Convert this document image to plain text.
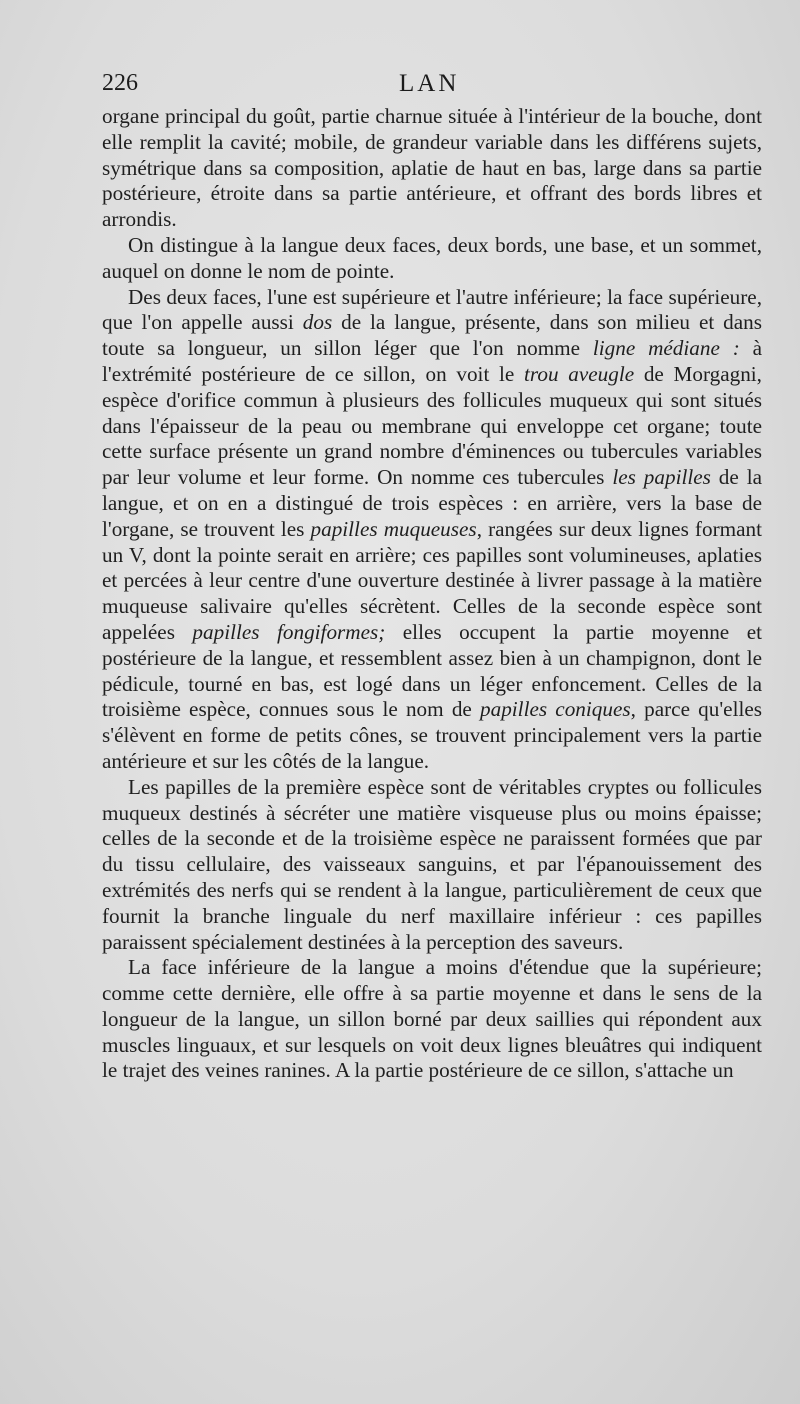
226	LAN

organe principal du goût, partie charnue située à l'intérieur de la bouche, dont elle remplit la cavité; mobile, de grandeur variable dans les différens sujets, symétrique dans sa composition, aplatie de haut en bas, large dans sa partie postérieure, étroite dans sa partie antérieure, et offrant des bords libres et arrondis.

On distingue à la langue deux faces, deux bords, une base, et un sommet, auquel on donne le nom de pointe.

Des deux faces, l'une est supérieure et l'autre inférieure; la face supérieure, que l'on appelle aussi dos de la langue, présente, dans son milieu et dans toute sa longueur, un sillon léger que l'on nomme ligne médiane : à l'extrémité postérieure de ce sillon, on voit le trou aveugle de Morgagni, espèce d'orifice commun à plusieurs des follicules muqueux qui sont situés dans l'épaisseur de la peau ou membrane qui enveloppe cet organe; toute cette surface présente un grand nombre d'éminences ou tubercules variables par leur volume et leur forme. On nomme ces tubercules les papilles de la langue, et on en a distingué de trois espèces : en arrière, vers la base de l'organe, se trouvent les papilles muqueuses, rangées sur deux lignes formant un V, dont la pointe serait en arrière; ces papilles sont volumineuses, aplaties et percées à leur centre d'une ouverture destinée à livrer passage à la matière muqueuse salivaire qu'elles sécrètent. Celles de la seconde espèce sont appelées papilles fongiformes; elles occupent la partie moyenne et postérieure de la langue, et ressemblent assez bien à un champignon, dont le pédicule, tourné en bas, est logé dans un léger enfoncement. Celles de la troisième espèce, connues sous le nom de papilles coniques, parce qu'elles s'élèvent en forme de petits cônes, se trouvent principalement vers la partie antérieure et sur les côtés de la langue.

Les papilles de la première espèce sont de véritables cryptes ou follicules muqueux destinés à sécréter une matière visqueuse plus ou moins épaisse; celles de la seconde et de la troisième espèce ne paraissent formées que par du tissu cellulaire, des vaisseaux sanguins, et par l'épanouissement des extrémités des nerfs qui se rendent à la langue, particulièrement de ceux que fournit la branche linguale du nerf maxillaire inférieur : ces papilles paraissent spécialement destinées à la perception des saveurs.

La face inférieure de la langue a moins d'étendue que la supérieure; comme cette dernière, elle offre à sa partie moyenne et dans le sens de la longueur de la langue, un sillon borné par deux saillies qui répondent aux muscles linguaux, et sur lesquels on voit deux lignes bleuâtres qui indiquent le trajet des veines ranines. A la partie postérieure de ce sillon, s'attache un
